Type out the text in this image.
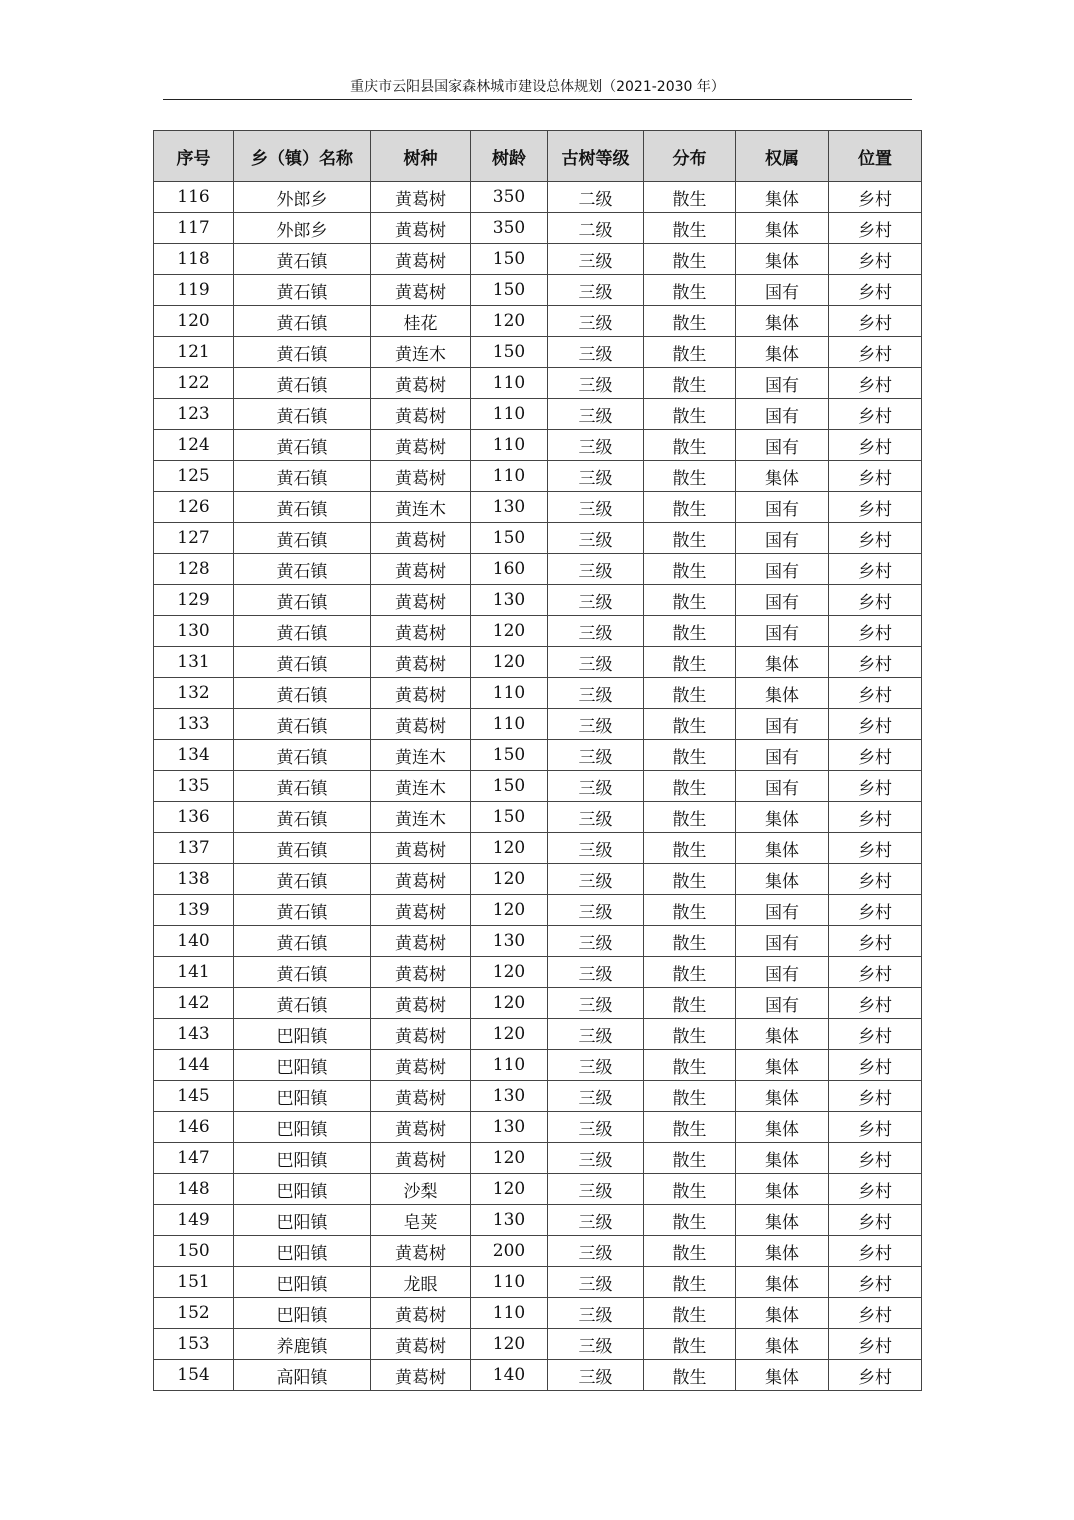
重庆市云阳县国家森林城市建设总体规划（2021-2030 年）
序号	乡（镇）名称	树种	树龄	古树等级	分布	权属	位置
116	外郎乡	黄葛树	350	二级	散生	集体	乡村
117	外郎乡	黄葛树	350	二级	散生	集体	乡村
118	黄石镇	黄葛树	150	三级	散生	集体	乡村
119	黄石镇	黄葛树	150	三级	散生	国有	乡村
120	黄石镇	桂花	120	三级	散生	集体	乡村
121	黄石镇	黄连木	150	三级	散生	集体	乡村
122	黄石镇	黄葛树	110	三级	散生	国有	乡村
123	黄石镇	黄葛树	110	三级	散生	国有	乡村
124	黄石镇	黄葛树	110	三级	散生	国有	乡村
125	黄石镇	黄葛树	110	三级	散生	集体	乡村
126	黄石镇	黄连木	130	三级	散生	国有	乡村
127	黄石镇	黄葛树	150	三级	散生	国有	乡村
128	黄石镇	黄葛树	160	三级	散生	国有	乡村
129	黄石镇	黄葛树	130	三级	散生	国有	乡村
130	黄石镇	黄葛树	120	三级	散生	国有	乡村
131	黄石镇	黄葛树	120	三级	散生	集体	乡村
132	黄石镇	黄葛树	110	三级	散生	集体	乡村
133	黄石镇	黄葛树	110	三级	散生	国有	乡村
134	黄石镇	黄连木	150	三级	散生	国有	乡村
135	黄石镇	黄连木	150	三级	散生	国有	乡村
136	黄石镇	黄连木	150	三级	散生	集体	乡村
137	黄石镇	黄葛树	120	三级	散生	集体	乡村
138	黄石镇	黄葛树	120	三级	散生	集体	乡村
139	黄石镇	黄葛树	120	三级	散生	国有	乡村
140	黄石镇	黄葛树	130	三级	散生	国有	乡村
141	黄石镇	黄葛树	120	三级	散生	国有	乡村
142	黄石镇	黄葛树	120	三级	散生	国有	乡村
143	巴阳镇	黄葛树	120	三级	散生	集体	乡村
144	巴阳镇	黄葛树	110	三级	散生	集体	乡村
145	巴阳镇	黄葛树	130	三级	散生	集体	乡村
146	巴阳镇	黄葛树	130	三级	散生	集体	乡村
147	巴阳镇	黄葛树	120	三级	散生	集体	乡村
148	巴阳镇	沙梨	120	三级	散生	集体	乡村
149	巴阳镇	皂荚	130	三级	散生	集体	乡村
150	巴阳镇	黄葛树	200	三级	散生	集体	乡村
151	巴阳镇	龙眼	110	三级	散生	集体	乡村
152	巴阳镇	黄葛树	110	三级	散生	集体	乡村
153	养鹿镇	黄葛树	120	三级	散生	集体	乡村
154	高阳镇	黄葛树	140	三级	散生	集体	乡村
